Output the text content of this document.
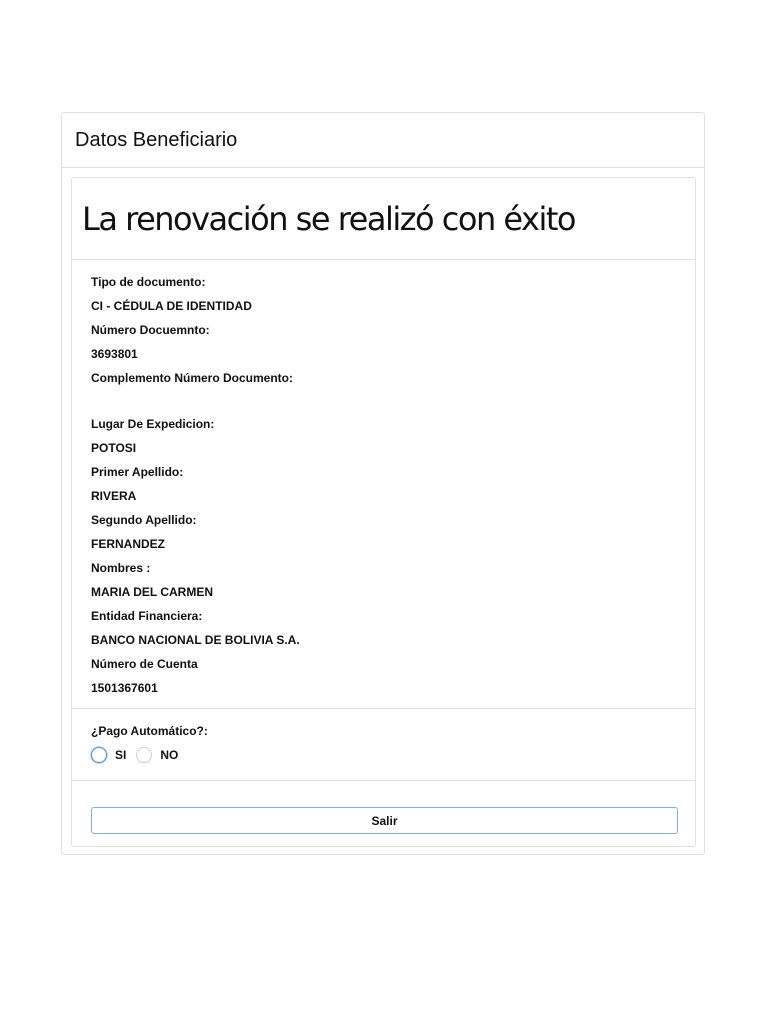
Datos Beneficiario
La renovación se realizó con éxito
Tipo de documento:
CI - CÉDULA DE IDENTIDAD
Número Docuemnto:
3693801
Complemento Número Documento:
Lugar De Expedicion:
POTOSI
Primer Apellido:
RIVERA
Segundo Apellido:
FERNANDEZ
Nombres :
MARIA DEL CARMEN
Entidad Financiera:
BANCO NACIONAL DE BOLIVIA S.A.
Número de Cuenta
1501367601
¿Pago Automático?:
SI	NO
Salir
